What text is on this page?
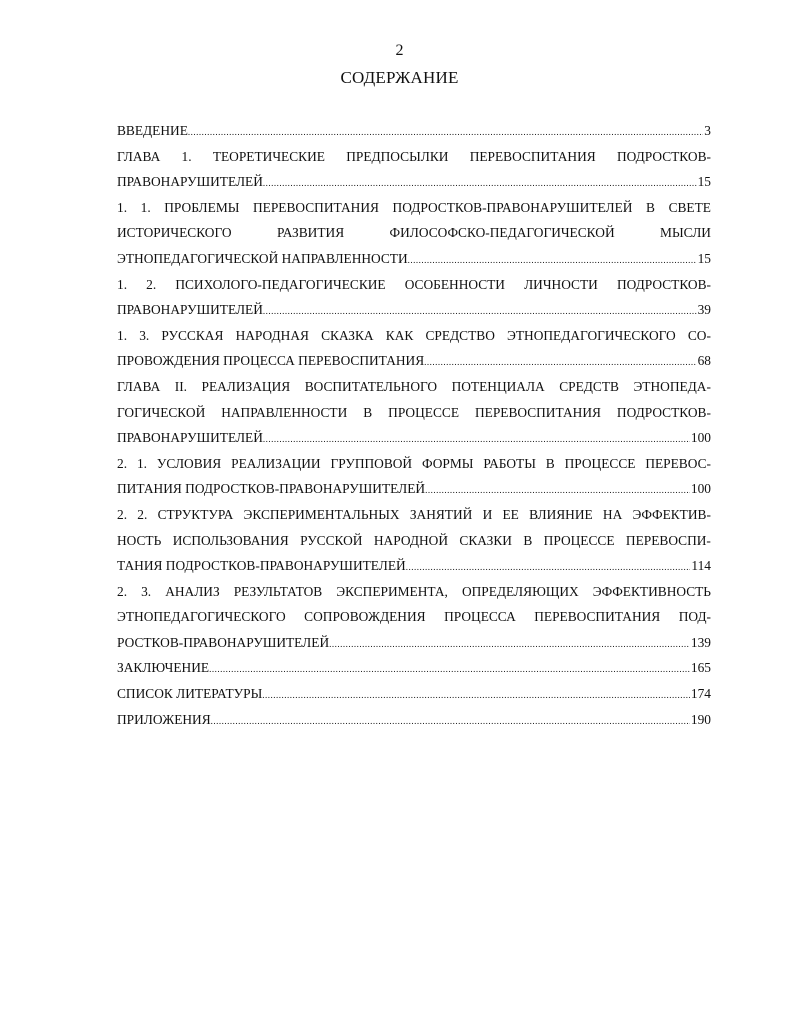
2
СОДЕРЖАНИЕ
ВВЕДЕНИЕ .....	3
ГЛАВА 1. ТЕОРЕТИЧЕСКИЕ ПРЕДПОСЫЛКИ ПЕРЕВОСПИТАНИЯ ПОДРОСТКОВ-
ПРАВОНАРУШИТЕЛЕЙ .....	15
1. 1. ПРОБЛЕМЫ ПЕРЕВОСПИТАНИЯ ПОДРОСТКОВ-ПРАВОНАРУШИТЕЛЕЙ В СВЕТЕ
ИСТОРИЧЕСКОГО	РАЗВИТИЯ	ФИЛОСОФСКО-ПЕДАГОГИЧЕСКОЙ	МЫСЛИ
ЭТНОПЕДАГОГИЧЕСКОЙ НАПРАВЛЕННОСТИ .....	15
1. 2. ПСИХОЛОГО-ПЕДАГОГИЧЕСКИЕ ОСОБЕННОСТИ ЛИЧНОСТИ ПОДРОСТКОВ-
ПРАВОНАРУШИТЕЛЕЙ .....	39
1. 3. РУССКАЯ НАРОДНАЯ СКАЗКА КАК СРЕДСТВО ЭТНОПЕДАГОГИЧЕСКОГО СО-
ПРОВОЖДЕНИЯ ПРОЦЕССА ПЕРЕВОСПИТАНИЯ .....	68
ГЛАВА II. РЕАЛИЗАЦИЯ ВОСПИТАТЕЛЬНОГО ПОТЕНЦИАЛА СРЕДСТВ ЭТНОПЕДА-
ГОГИЧЕСКОЙ НАПРАВЛЕННОСТИ В ПРОЦЕССЕ ПЕРЕВОСПИТАНИЯ ПОДРОСТКОВ-
ПРАВОНАРУШИТЕЛЕЙ .....	100
2. 1. УСЛОВИЯ РЕАЛИЗАЦИИ ГРУППОВОЙ ФОРМЫ РАБОТЫ В ПРОЦЕССЕ ПЕРЕВОС-
ПИТАНИЯ ПОДРОСТКОВ-ПРАВОНАРУШИТЕЛЕЙ .....	100
2. 2. СТРУКТУРА ЭКСПЕРИМЕНТАЛЬНЫХ ЗАНЯТИЙ И ЕЕ ВЛИЯНИЕ НА ЭФФЕКТИВ-
НОСТЬ ИСПОЛЬЗОВАНИЯ РУССКОЙ НАРОДНОЙ СКАЗКИ В ПРОЦЕССЕ ПЕРЕВОСПИ-
ТАНИЯ ПОДРОСТКОВ-ПРАВОНАРУШИТЕЛЕЙ .....	114
2. 3. АНАЛИЗ РЕЗУЛЬТАТОВ ЭКСПЕРИМЕНТА, ОПРЕДЕЛЯЮЩИХ ЭФФЕКТИВНОСТЬ
ЭТНОПЕДАГОГИЧЕСКОГО СОПРОВОЖДЕНИЯ ПРОЦЕССА ПЕРЕВОСПИТАНИЯ ПОД-
РОСТКОВ-ПРАВОНАРУШИТЕЛЕЙ .....	139
ЗАКЛЮЧЕНИЕ .....	165
СПИСОК ЛИТЕРАТУРЫ .....	174
ПРИЛОЖЕНИЯ .....	190
